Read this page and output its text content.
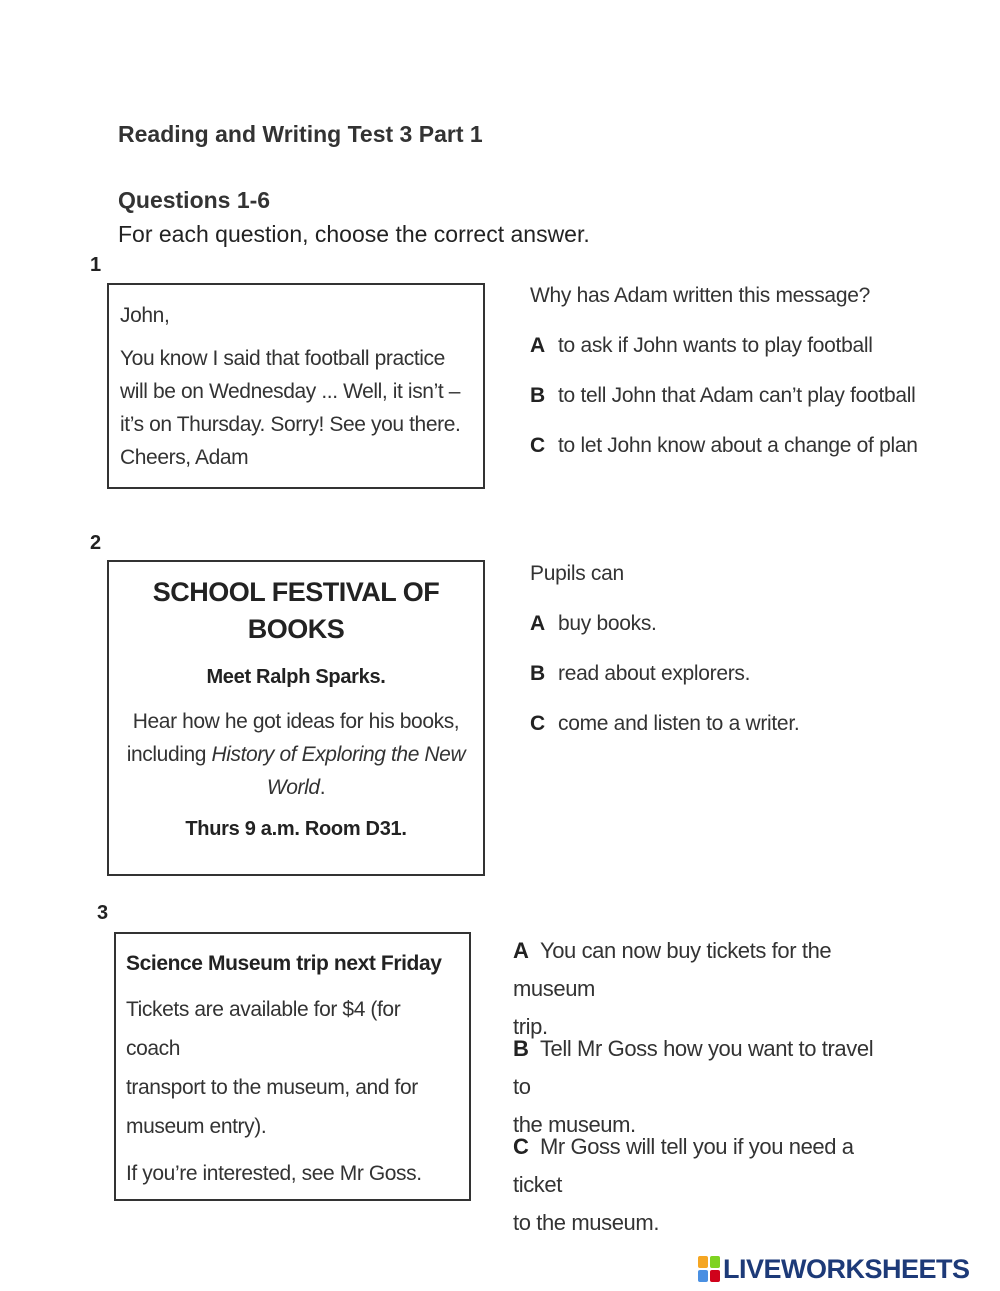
Reading and Writing Test 3 Part 1
Questions 1-6
For each question, choose the correct answer.
1

John,

You know I said that football practice

will be on Wednesday ... Well, it isn’t –

it’s on Thursday. Sorry! See you there.

Cheers, Adam

Why has Adam written this message?
A to ask if John wants to play football
B to tell John that Adam can’t play football
C to let John know about a change of plan
2
SCHOOL FESTIVAL OF
BOOKS
Meet Ralph Sparks.
Hear how he got ideas for his books,
including History of Exploring the New
World.
Thurs 9 a.m. Room D31.
Pupils can
A buy books.
B read about explorers.
C come and listen to a writer.
3
Science Museum trip next Friday
Tickets are available for $4 (for coach
transport to the museum, and for
museum entry).
If you’re interested, see Mr Goss.
A You can now buy tickets for the museum
trip.
B Tell Mr Goss how you want to travel to
the museum.
C Mr Goss will tell you if you need a ticket
to the museum.
LIVEWORKSHEETS
